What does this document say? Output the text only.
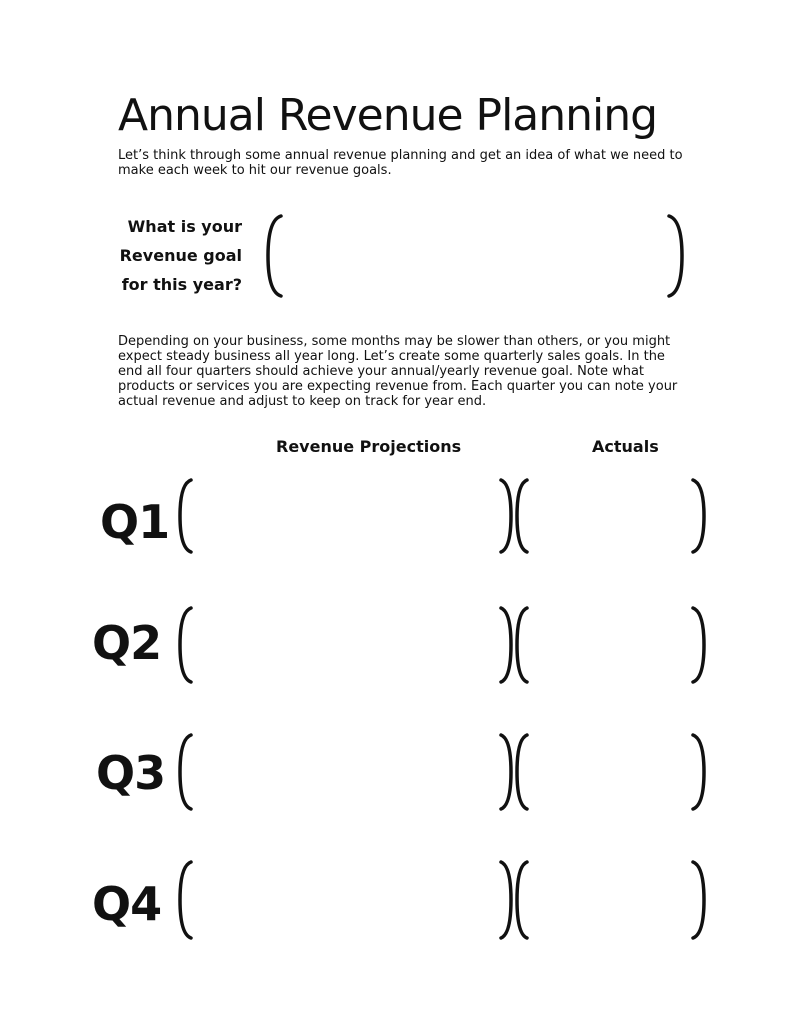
Annual Revenue Planning
Let’s think through some annual revenue planning and get an idea of what we need to make each week to hit our revenue goals.
What is your Revenue goal for this year?
Depending on your business, some months may be slower than others, or you might expect steady business all year long. Let’s create some quarterly sales goals. In the end all four quarters should achieve your annual/yearly revenue goal. Note what products or services you are expecting revenue from. Each quarter you can note your actual revenue and adjust to keep on track for year end.
Revenue Projections	Actuals
Q1
Q2
Q3
Q4
